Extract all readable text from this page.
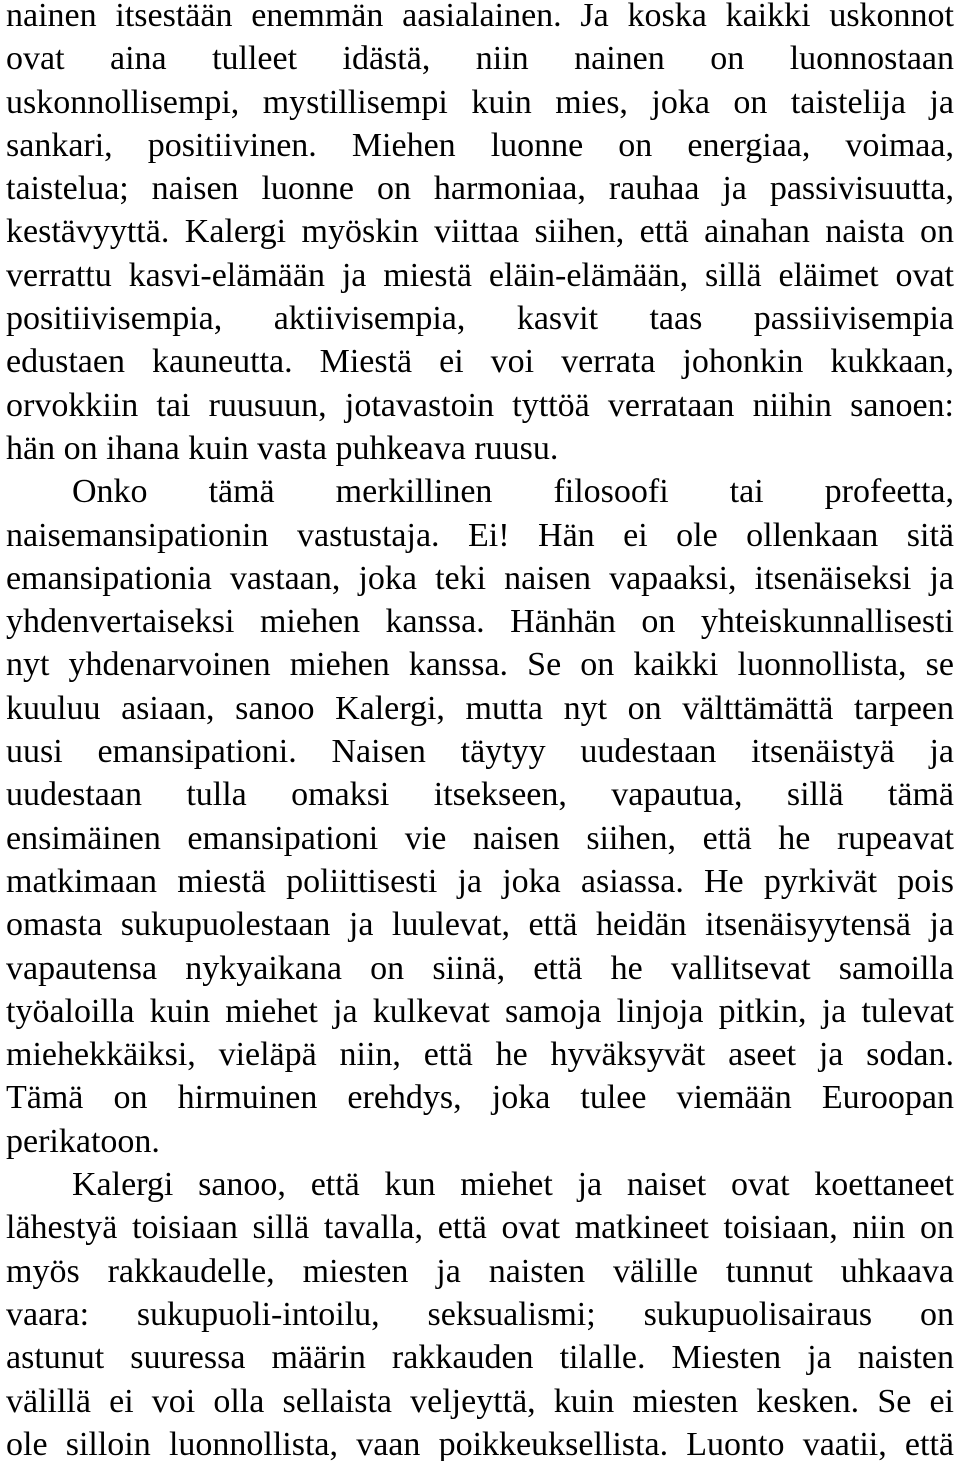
nainen itsestään enemmän aasialainen. Ja koska kaikki uskonnot
ovat aina tulleet idästä, niin nainen on luonnostaan
uskonnollisempi, mystillisempi kuin mies, joka on taistelija ja
sankari, positiivinen. Miehen luonne on energiaa, voimaa,
taistelua; naisen luonne on harmoniaa, rauhaa ja passivisuutta,
kestävyyttä. Kalergi myöskin viittaa siihen, että ainahan naista on
verrattu kasvi-elämään ja miestä eläin-elämään, sillä eläimet ovat
positiivisempia, aktiivisempia, kasvit taas passiivisempia
edustaen kauneutta. Miestä ei voi verrata johonkin kukkaan,
orvokkiin tai ruusuun, jotavastoin tyttöä verrataan niihin sanoen:
hän on ihana kuin vasta puhkeava ruusu.
Onko tämä merkillinen filosoofi tai profeetta,
naisemansipationin vastustaja. Ei! Hän ei ole ollenkaan sitä
emansipationia vastaan, joka teki naisen vapaaksi, itsenäiseksi ja
yhdenvertaiseksi miehen kanssa. Hänhän on yhteiskunnallisesti
nyt yhdenarvoinen miehen kanssa. Se on kaikki luonnollista, se
kuuluu asiaan, sanoo Kalergi, mutta nyt on välttämättä tarpeen
uusi emansipationi. Naisen täytyy uudestaan itsenäistyä ja
uudestaan tulla omaksi itsekseen, vapautua, sillä tämä
ensimäinen emansipationi vie naisen siihen, että he rupeavat
matkimaan miestä poliittisesti ja joka asiassa. He pyrkivät pois
omasta sukupuolestaan ja luulevat, että heidän itsenäisyytensä ja
vapautensa nykyaikana on siinä, että he vallitsevat samoilla
työaloilla kuin miehet ja kulkevat samoja linjoja pitkin, ja tulevat
miehekkäiksi, vieläpä niin, että he hyväksyvät aseet ja sodan.
Tämä on hirmuinen erehdys, joka tulee viemään Euroopan
perikatoon.
Kalergi sanoo, että kun miehet ja naiset ovat koettaneet
lähestyä toisiaan sillä tavalla, että ovat matkineet toisiaan, niin on
myös rakkaudelle, miesten ja naisten välille tunnut uhkaava
vaara: sukupuoli-intoilu, seksualismi; sukupuolisairaus on
astunut suuressa määrin rakkauden tilalle. Miesten ja naisten
välillä ei voi olla sellaista veljeyttä, kuin miesten kesken. Se ei
ole silloin luonnollista, vaan poikkeuksellista. Luonto vaatii, että
